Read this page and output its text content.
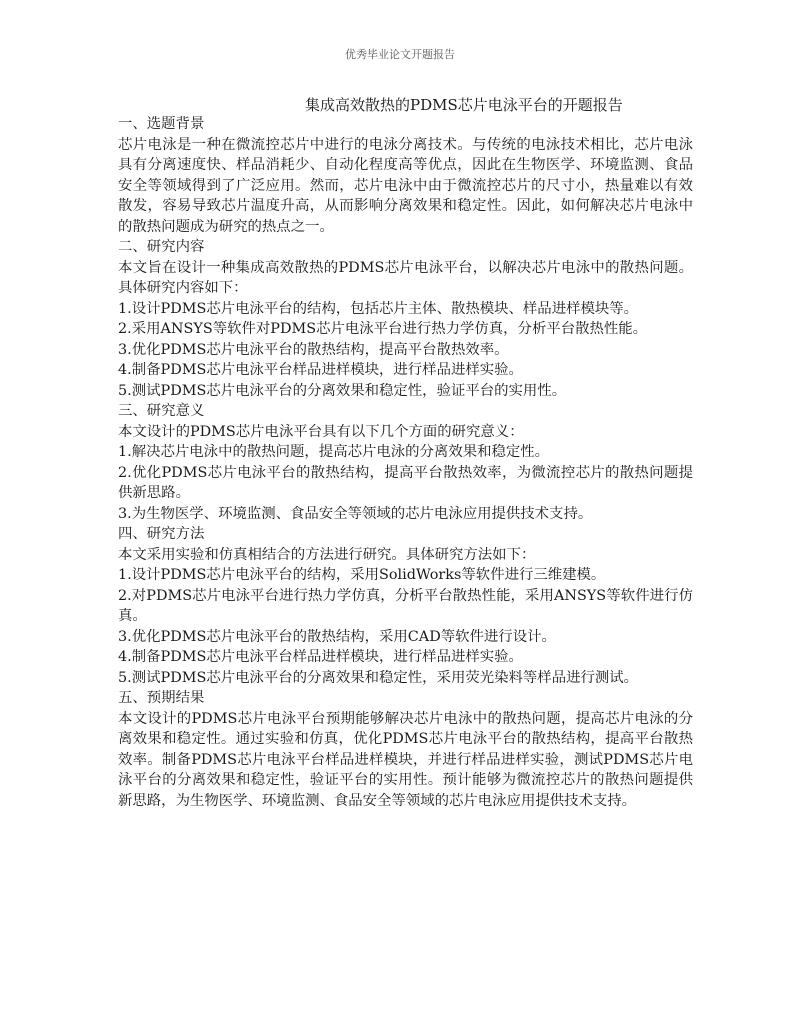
优秀毕业论文开题报告
集成高效散热的PDMS芯片电泳平台的开题报告

一、选题背景

芯片电泳是一种在微流控芯片中进行的电泳分离技术。与传统的电泳技术相比，芯片电泳具有分离速度快、样品消耗少、自动化程度高等优点，因此在生物医学、环境监测、食品安全等领域得到了广泛应用。然而，芯片电泳中由于微流控芯片的尺寸小，热量难以有效散发，容易导致芯片温度升高，从而影响分离效果和稳定性。因此，如何解决芯片电泳中的散热问题成为研究的热点之一。

二、研究内容

本文旨在设计一种集成高效散热的PDMS芯片电泳平台，以解决芯片电泳中的散热问题。具体研究内容如下：

1.设计PDMS芯片电泳平台的结构，包括芯片主体、散热模块、样品进样模块等。

2.采用ANSYS等软件对PDMS芯片电泳平台进行热力学仿真，分析平台散热性能。

3.优化PDMS芯片电泳平台的散热结构，提高平台散热效率。

4.制备PDMS芯片电泳平台样品进样模块，进行样品进样实验。

5.测试PDMS芯片电泳平台的分离效果和稳定性，验证平台的实用性。

三、研究意义

本文设计的PDMS芯片电泳平台具有以下几个方面的研究意义：

1.解决芯片电泳中的散热问题，提高芯片电泳的分离效果和稳定性。

2.优化PDMS芯片电泳平台的散热结构，提高平台散热效率，为微流控芯片的散热问题提供新思路。

3.为生物医学、环境监测、食品安全等领域的芯片电泳应用提供技术支持。

四、研究方法

本文采用实验和仿真相结合的方法进行研究。具体研究方法如下：

1.设计PDMS芯片电泳平台的结构，采用SolidWorks等软件进行三维建模。

2.对PDMS芯片电泳平台进行热力学仿真，分析平台散热性能，采用ANSYS等软件进行仿真。

3.优化PDMS芯片电泳平台的散热结构，采用CAD等软件进行设计。

4.制备PDMS芯片电泳平台样品进样模块，进行样品进样实验。

5.测试PDMS芯片电泳平台的分离效果和稳定性，采用荧光染料等样品进行测试。

五、预期结果

本文设计的PDMS芯片电泳平台预期能够解决芯片电泳中的散热问题，提高芯片电泳的分离效果和稳定性。通过实验和仿真，优化PDMS芯片电泳平台的散热结构，提高平台散热效率。制备PDMS芯片电泳平台样品进样模块，并进行样品进样实验，测试PDMS芯片电泳平台的分离效果和稳定性，验证平台的实用性。预计能够为微流控芯片的散热问题提供新思路，为生物医学、环境监测、食品安全等领域的芯片电泳应用提供技术支持。
